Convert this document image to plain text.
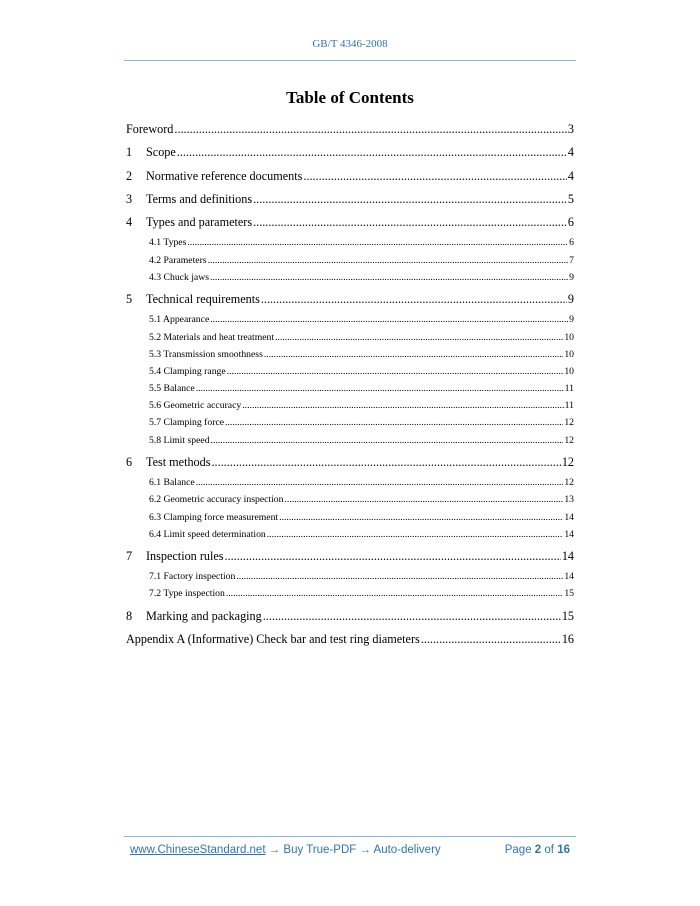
GB/T 4346-2008
Table of Contents
Foreword .....	3
1 Scope .....	4
2 Normative reference documents .....	4
3 Terms and definitions .....	5
4 Types and parameters .....	6
4.1 Types .....	6
4.2 Parameters .....	7
4.3 Chuck jaws .....	9
5 Technical requirements .....	9
5.1 Appearance .....	9
5.2 Materials and heat treatment .....	10
5.3 Transmission smoothness .....	10
5.4 Clamping range .....	10
5.5 Balance .....	11
5.6 Geometric accuracy .....	11
5.7 Clamping force .....	12
5.8 Limit speed .....	12
6 Test methods .....	12
6.1 Balance .....	12
6.2 Geometric accuracy inspection .....	13
6.3 Clamping force measurement .....	14
6.4 Limit speed determination .....	14
7 Inspection rules .....	14
7.1 Factory inspection .....	14
7.2 Type inspection .....	15
8 Marking and packaging .....	15
Appendix A (Informative) Check bar and test ring diameters .....	16
www.ChineseStandard.net → Buy True-PDF → Auto-delivery	Page 2 of 16
